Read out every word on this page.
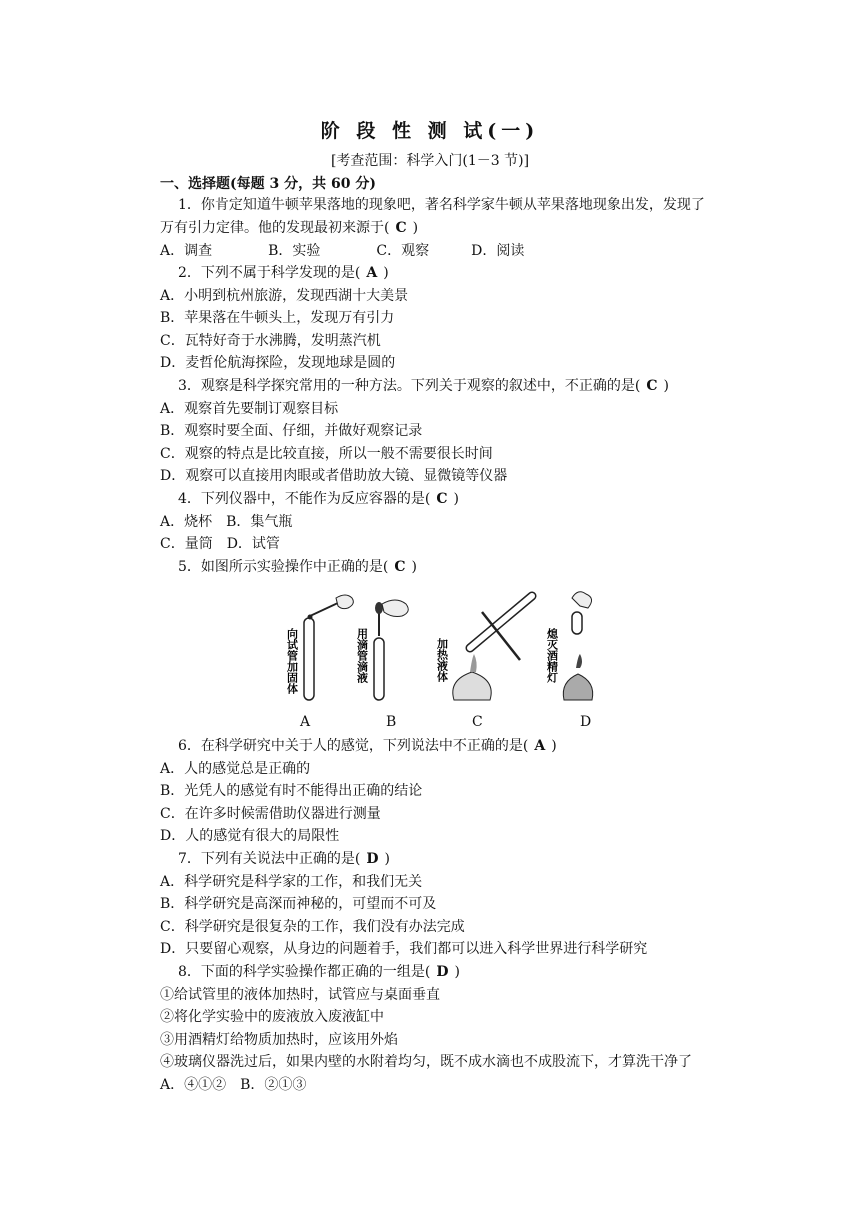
阶 段 性 测 试(一)
[考查范围：科学入门(1－3 节)]
一、选择题(每题 3 分，共 60 分)
1．你肯定知道牛顿苹果落地的现象吧，著名科学家牛顿从苹果落地现象出发，发现了
万有引力定律。他的发现最初来源于( C )
A．调查　　　　B．实验　　　　C．观察　　　D．阅读
2．下列不属于科学发现的是( A )
A．小明到杭州旅游，发现西湖十大美景
B．苹果落在牛顿头上，发现万有引力
C．瓦特好奇于水沸腾，发明蒸汽机
D．麦哲伦航海探险，发现地球是圆的
3．观察是科学探究常用的一种方法。下列关于观察的叙述中，不正确的是( C )
A．观察首先要制订观察目标
B．观察时要全面、仔细，并做好观察记录
C．观察的特点是比较直接，所以一般不需要很长时间
D．观察可以直接用肉眼或者借助放大镜、显微镜等仪器
4．下列仪器中，不能作为反应容器的是( C )
A．烧杯　B．集气瓶
C．量筒　D．试管
5．如图所示实验操作中正确的是( C )
向试管加固体	用滴管滴液	加热液体	熄灭酒精灯
A	B	C	D
6．在科学研究中关于人的感觉，下列说法中不正确的是( A )
A．人的感觉总是正确的
B．光凭人的感觉有时不能得出正确的结论
C．在许多时候需借助仪器进行测量
D．人的感觉有很大的局限性
7．下列有关说法中正确的是( D )
A．科学研究是科学家的工作，和我们无关
B．科学研究是高深而神秘的，可望而不可及
C．科学研究是很复杂的工作，我们没有办法完成
D．只要留心观察，从身边的问题着手，我们都可以进入科学世界进行科学研究
8．下面的科学实验操作都正确的一组是( D )
①给试管里的液体加热时，试管应与桌面垂直
②将化学实验中的废液放入废液缸中
③用酒精灯给物质加热时，应该用外焰
④玻璃仪器洗过后，如果内壁的水附着均匀，既不成水滴也不成股流下，才算洗干净了
A．④①②　B．②①③
